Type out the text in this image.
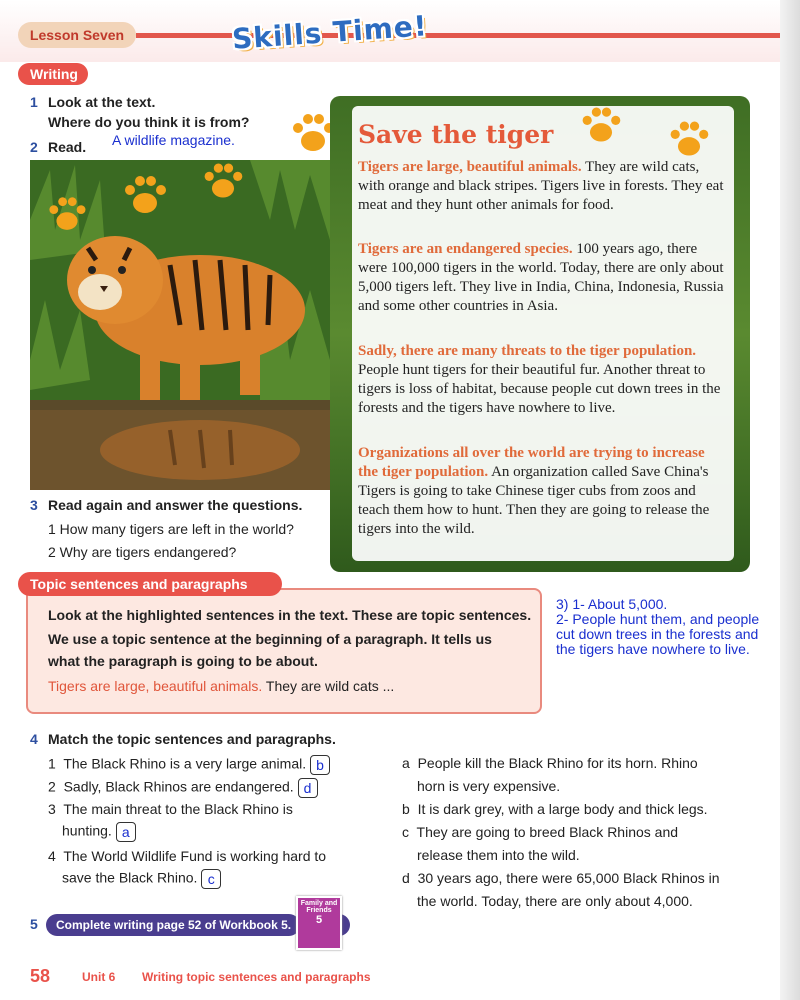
Lesson Seven	Skills Time!
Writing
1 Look at the text.
Where do you think it is from?
A wildlife magazine.
2 Read.	Save the tiger
Tigers are large, beautiful animals. They are wild cats, with orange and black stripes. Tigers live in forests. They eat meat and they hunt other animals for food.
Tigers are an endangered species. 100 years ago, there were 100,000 tigers in the world. Today, there are only about 5,000 tigers left. They live in India, China, Indonesia, Russia and some other countries in Asia.
Sadly, there are many threats to the tiger population. People hunt tigers for their beautiful fur. Another threat to tigers is loss of habitat, because people cut down trees in the forests and the tigers have nowhere to live.
Organizations all over the world are trying to increase the tiger population. An organization called Save China's Tigers is going to take Chinese tiger cubs from zoos and teach them how to hunt. Then they are going to release the tigers into the wild.
3 Read again and answer the questions.
1 How many tigers are left in the world?
2 Why are tigers endangered?
3) 1- About 5,000.
2- People hunt them, and people
cut down trees in the forests and
the tigers have nowhere to live.
Topic sentences and paragraphs
Look at the highlighted sentences in the text. These are topic sentences.
We use a topic sentence at the beginning of a paragraph. It tells us
what the paragraph is going to be about.
Tigers are large, beautiful animals. They are wild cats ...
4 Match the topic sentences and paragraphs.
1 The Black Rhino is a very large animal. b
2 Sadly, Black Rhinos are endangered. d
3 The main threat to the Black Rhino is
hunting. a
4 The World Wildlife Fund is working hard to
save the Black Rhino. c
a People kill the Black Rhino for its horn. Rhino
horn is very expensive.
b It is dark grey, with a large body and thick legs.
c They are going to breed Black Rhinos and
release them into the wild.
d 30 years ago, there were 65,000 Black Rhinos in
the world. Today, there are only about 4,000.
5	Complete writing page 52 of Workbook 5.
Family and Friends
5
58	Unit 6 Writing topic sentences and paragraphs
